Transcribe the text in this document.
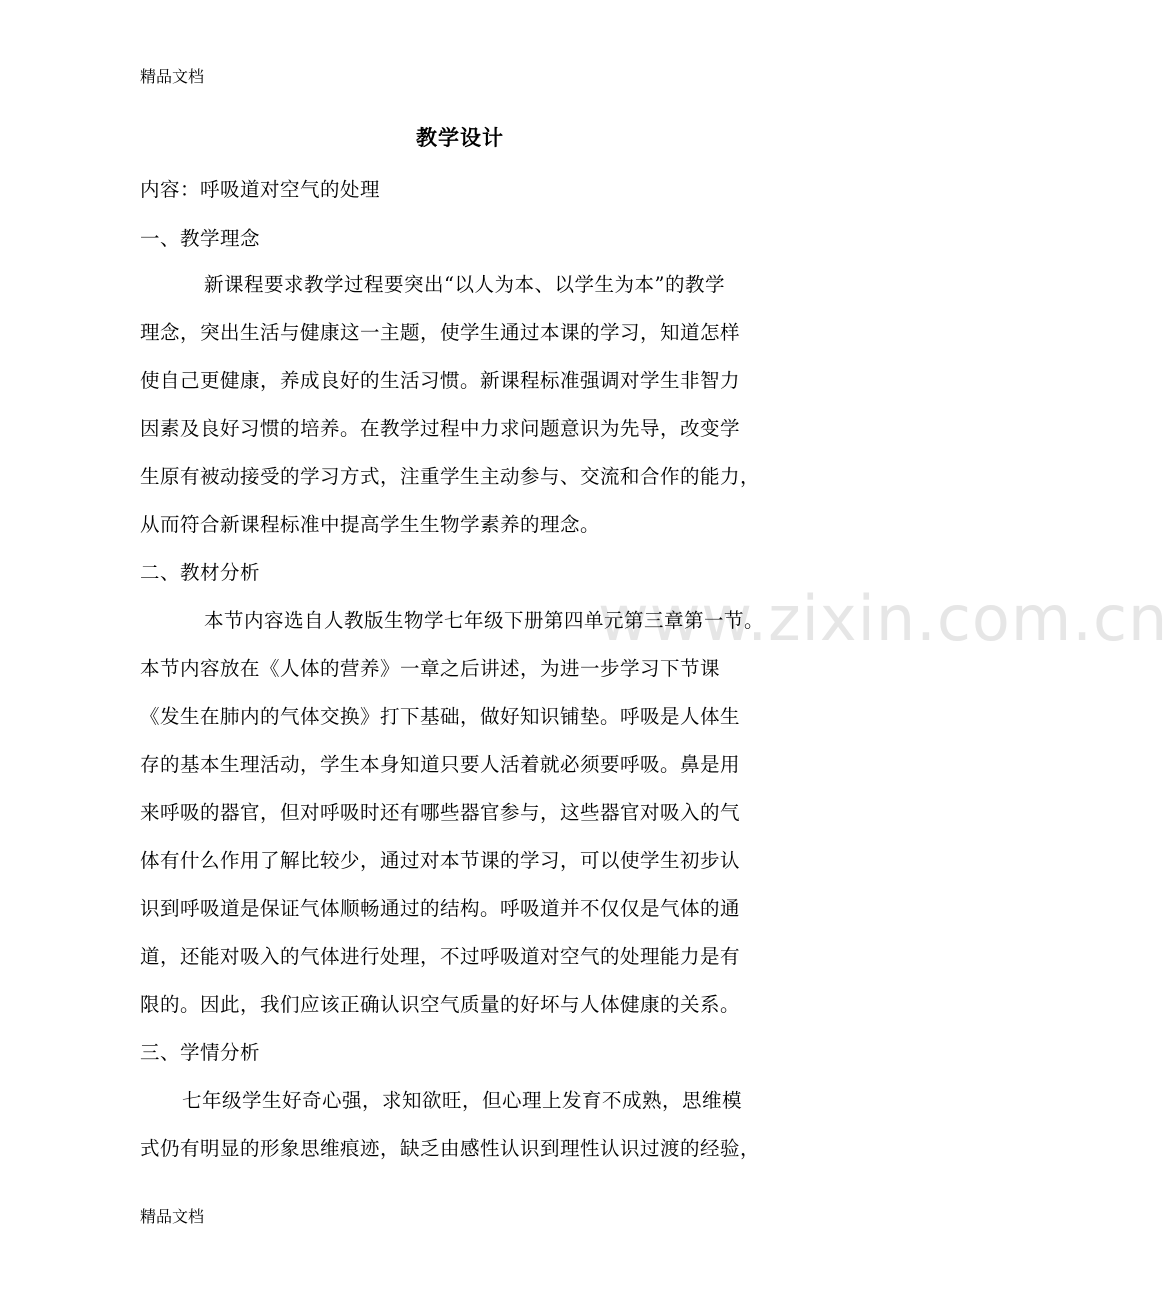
www.zixin.com.cn
精品文档
教学设计
内容：呼吸道对空气的处理
一、教学理念
新课程要求教学过程要突出“以人为本、以学生为本”的教学
理念，突出生活与健康这一主题，使学生通过本课的学习，知道怎样
使自己更健康，养成良好的生活习惯。新课程标准强调对学生非智力
因素及良好习惯的培养。在教学过程中力求问题意识为先导，改变学
生原有被动接受的学习方式，注重学生主动参与、交流和合作的能力，
从而符合新课程标准中提高学生生物学素养的理念。
二、教材分析
本节内容选自人教版生物学七年级下册第四单元第三章第一节。
本节内容放在《人体的营养》一章之后讲述，为进一步学习下节课
《发生在肺内的气体交换》打下基础，做好知识铺垫。呼吸是人体生
存的基本生理活动，学生本身知道只要人活着就必须要呼吸。鼻是用
来呼吸的器官，但对呼吸时还有哪些器官参与，这些器官对吸入的气
体有什么作用了解比较少，通过对本节课的学习，可以使学生初步认
识到呼吸道是保证气体顺畅通过的结构。呼吸道并不仅仅是气体的通
道，还能对吸入的气体进行处理，不过呼吸道对空气的处理能力是有
限的。因此，我们应该正确认识空气质量的好坏与人体健康的关系。
三、学情分析
七年级学生好奇心强，求知欲旺，但心理上发育不成熟，思维模
式仍有明显的形象思维痕迹，缺乏由感性认识到理性认识过渡的经验，
精品文档
